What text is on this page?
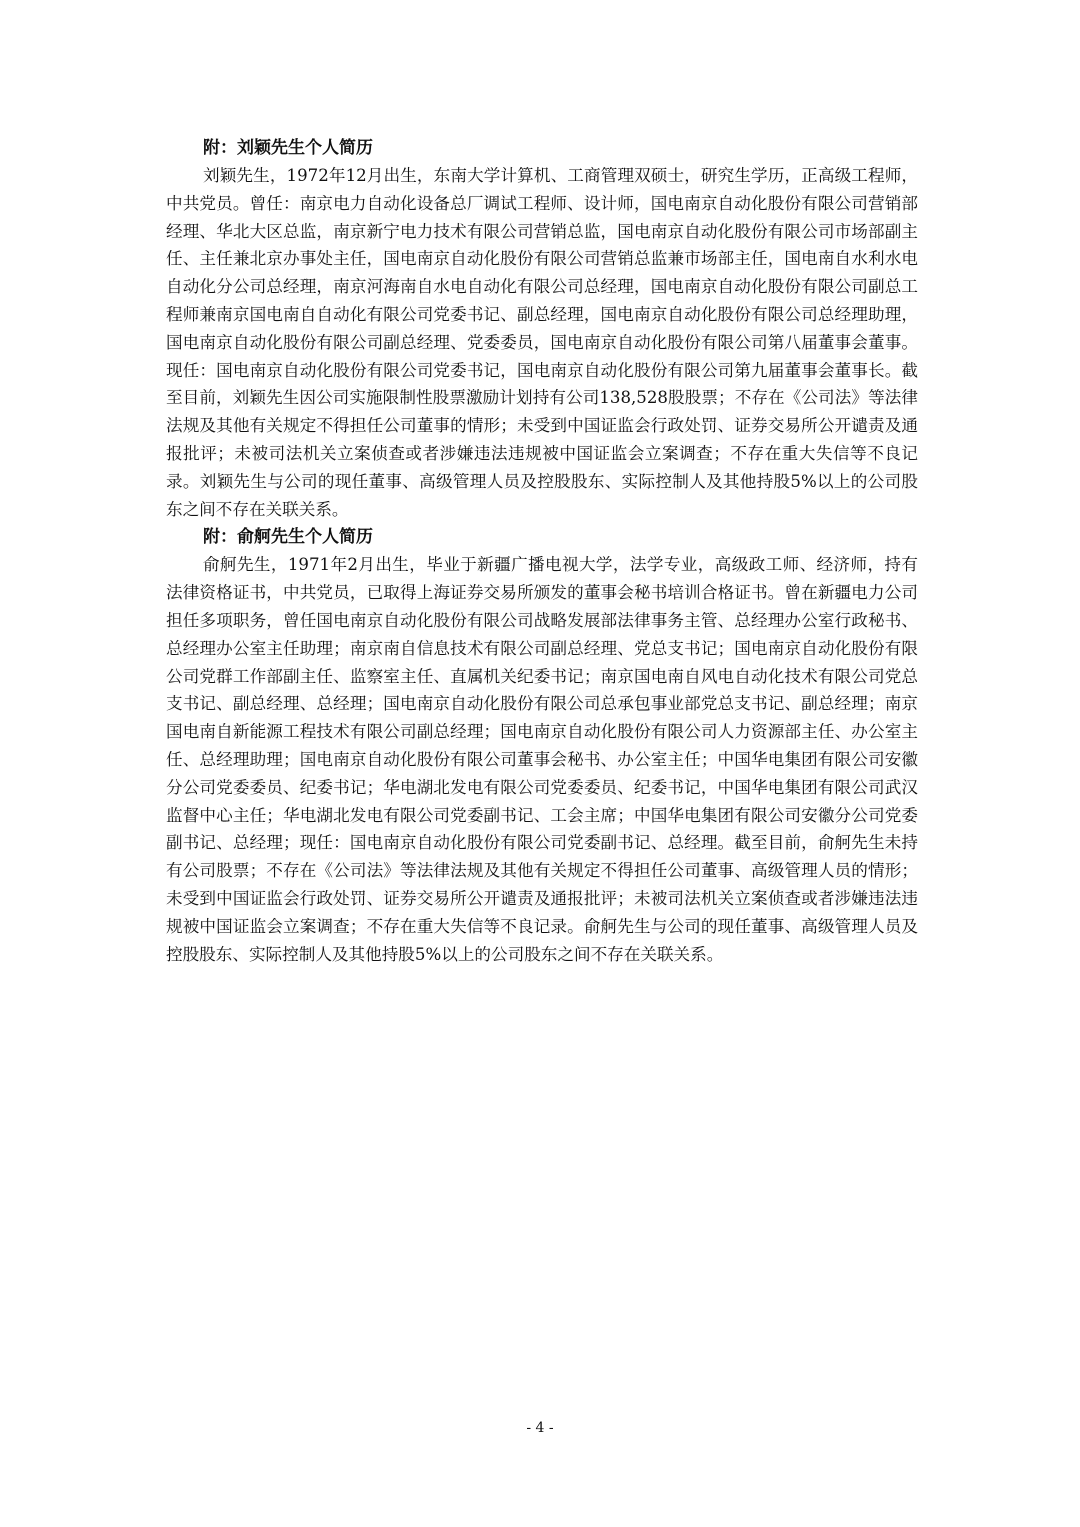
附：刘颖先生个人简历

刘颖先生，1972年12月出生，东南大学计算机、工商管理双硕士，研究生学历，正高级工程师，中共党员。曾任：南京电力自动化设备总厂调试工程师、设计师，国电南京自动化股份有限公司营销部经理、华北大区总监，南京新宁电力技术有限公司营销总监，国电南京自动化股份有限公司市场部副主任、主任兼北京办事处主任，国电南京自动化股份有限公司营销总监兼市场部主任，国电南自水利水电自动化分公司总经理，南京河海南自水电自动化有限公司总经理，国电南京自动化股份有限公司副总工程师兼南京国电南自自动化有限公司党委书记、副总经理，国电南京自动化股份有限公司总经理助理，国电南京自动化股份有限公司副总经理、党委委员，国电南京自动化股份有限公司第八届董事会董事。现任：国电南京自动化股份有限公司党委书记，国电南京自动化股份有限公司第九届董事会董事长。截至目前，刘颖先生因公司实施限制性股票激励计划持有公司138,528股股票；不存在《公司法》等法律法规及其他有关规定不得担任公司董事的情形；未受到中国证监会行政处罚、证券交易所公开谴责及通报批评；未被司法机关立案侦查或者涉嫌违法违规被中国证监会立案调查；不存在重大失信等不良记录。刘颖先生与公司的现任董事、高级管理人员及控股股东、实际控制人及其他持股5%以上的公司股东之间不存在关联关系。

附：俞舸先生个人简历

俞舸先生，1971年2月出生，毕业于新疆广播电视大学，法学专业，高级政工师、经济师，持有法律资格证书，中共党员，已取得上海证券交易所颁发的董事会秘书培训合格证书。曾在新疆电力公司担任多项职务，曾任国电南京自动化股份有限公司战略发展部法律事务主管、总经理办公室行政秘书、总经理办公室主任助理；南京南自信息技术有限公司副总经理、党总支书记；国电南京自动化股份有限公司党群工作部副主任、监察室主任、直属机关纪委书记；南京国电南自风电自动化技术有限公司党总支书记、副总经理、总经理；国电南京自动化股份有限公司总承包事业部党总支书记、副总经理；南京国电南自新能源工程技术有限公司副总经理；国电南京自动化股份有限公司人力资源部主任、办公室主任、总经理助理；国电南京自动化股份有限公司董事会秘书、办公室主任；中国华电集团有限公司安徽分公司党委委员、纪委书记；华电湖北发电有限公司党委委员、纪委书记，中国华电集团有限公司武汉监督中心主任；华电湖北发电有限公司党委副书记、工会主席；中国华电集团有限公司安徽分公司党委副书记、总经理；现任：国电南京自动化股份有限公司党委副书记、总经理。截至目前，俞舸先生未持有公司股票；不存在《公司法》等法律法规及其他有关规定不得担任公司董事、高级管理人员的情形；未受到中国证监会行政处罚、证券交易所公开谴责及通报批评；未被司法机关立案侦查或者涉嫌违法违规被中国证监会立案调查；不存在重大失信等不良记录。俞舸先生与公司的现任董事、高级管理人员及控股股东、实际控制人及其他持股5%以上的公司股东之间不存在关联关系。

- 4 -
